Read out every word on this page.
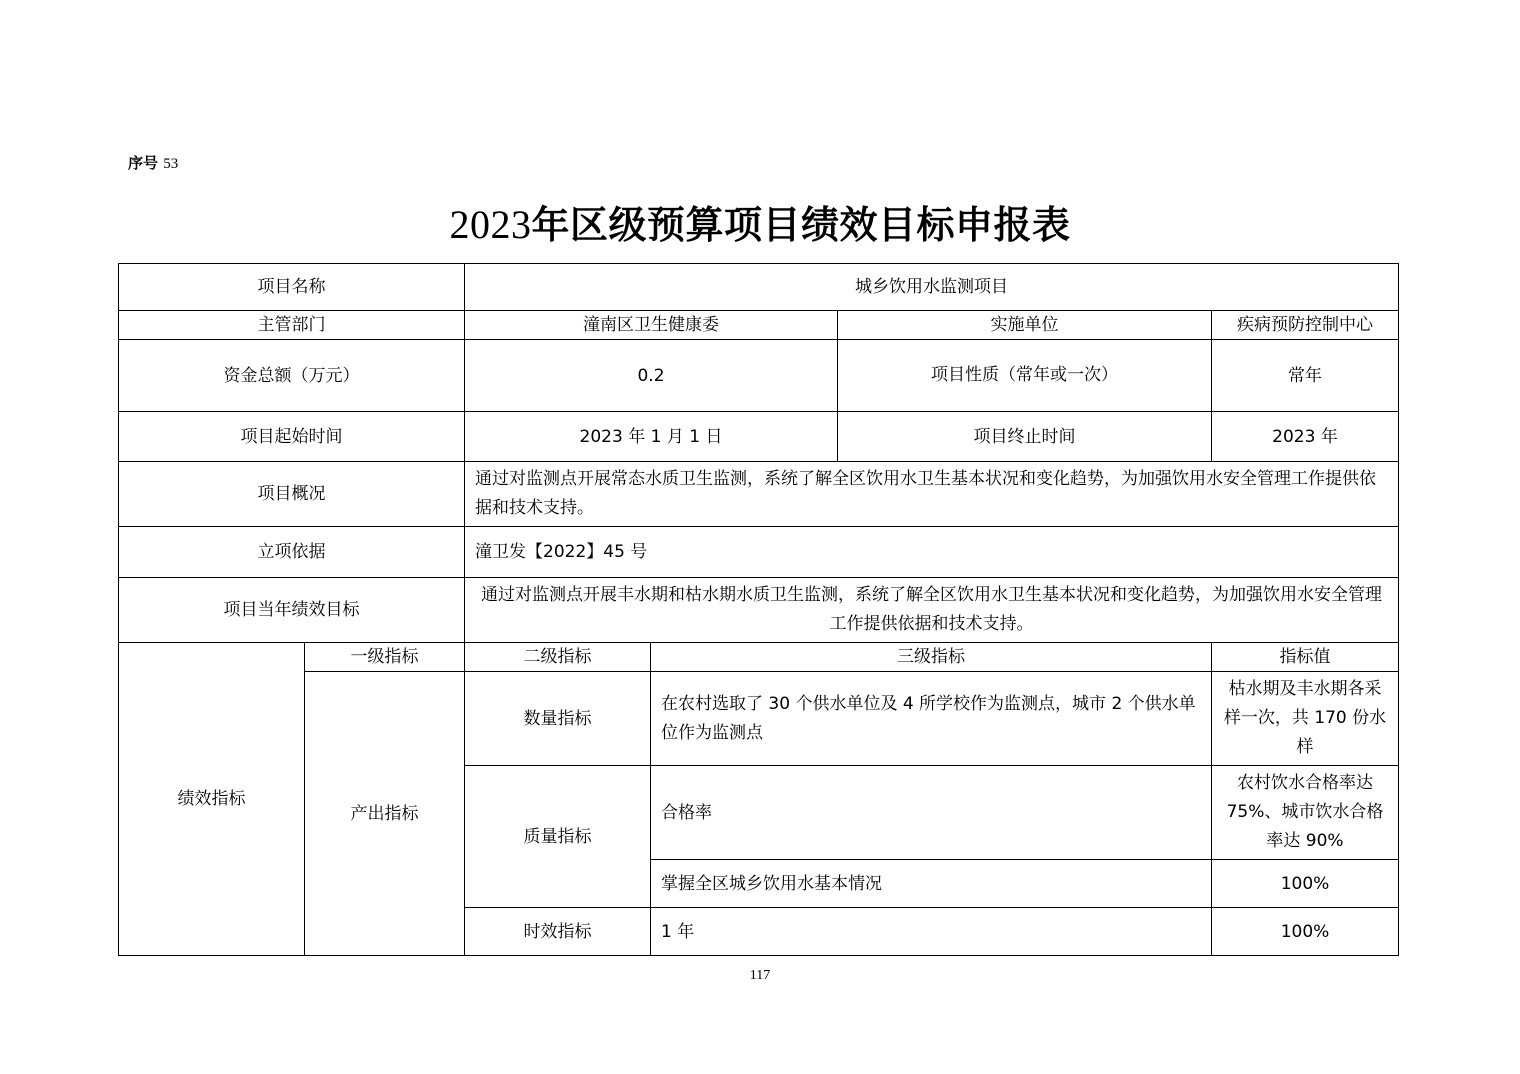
序号 53
2023年区级预算项目绩效目标申报表
项目名称		城乡饮用水监测项目			
主管部门		潼南区卫生健康委		实施单位	疾病预防控制中心
资金总额（万元）		0.2		项目性质（常年或一次）	常年
项目起始时间		2023 年 1 月 1 日		项目终止时间	2023 年
项目概况		通过对监测点开展常态水质卫生监测，系统了解全区饮用水卫生基本状况和变化趋势，为加强饮用水安全管理工作提供依据和技术支持。			
立项依据		潼卫发【2022】45 号			
项目当年绩效目标		通过对监测点开展丰水期和枯水期水质卫生监测，系统了解全区饮用水卫生基本状况和变化趋势，为加强饮用水安全管理工作提供依据和技术支持。			
绩效指标	一级指标	二级指标	三级指标		指标值
	产出指标	数量指标	在农村选取了 30 个供水单位及 4 所学校作为监测点，城市 2 个供水单位作为监测点		枯水期及丰水期各采样一次，共 170 份水样
		质量指标	合格率		农村饮水合格率达 75%、城市饮水合格率达 90%
			掌握全区城乡饮用水基本情况		100%
		时效指标	1 年		100%
117
